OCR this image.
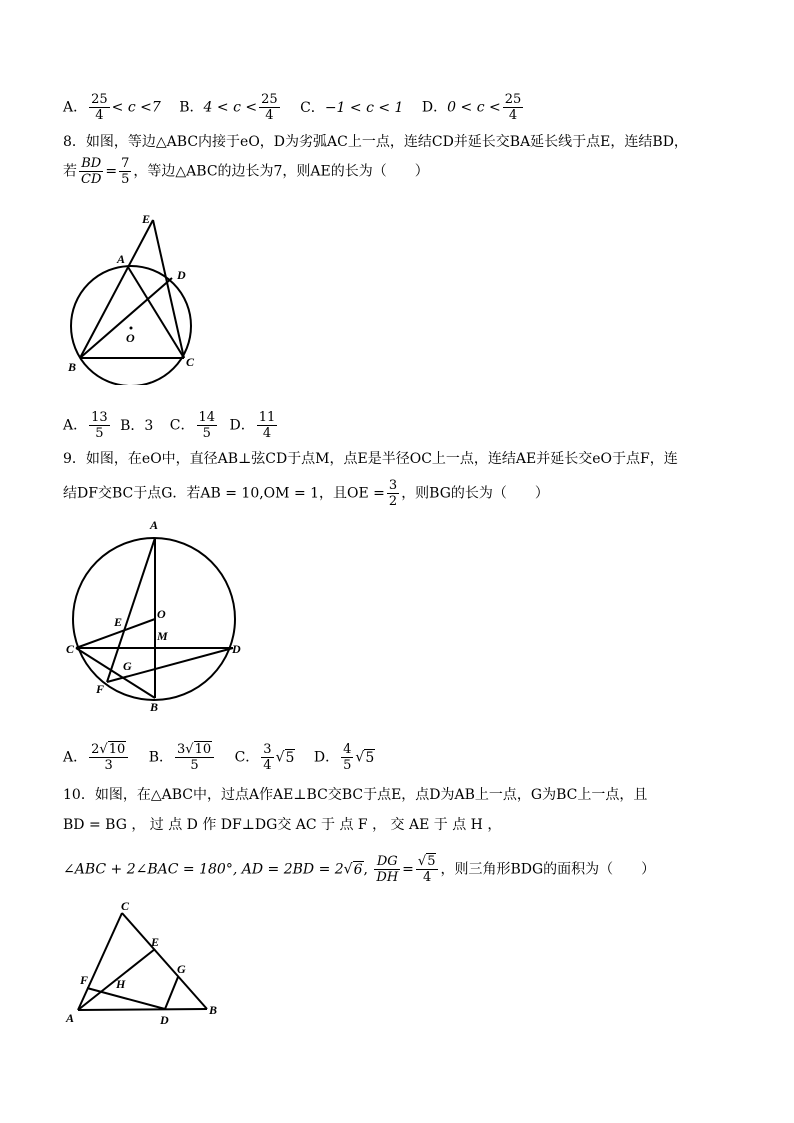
A． $\frac{25}{4} < c <7$ B．$4 < c < \frac{25}{4}$ C．−1 < c < 1 D．$0 < c < \frac{25}{4}$
8．如图，等边△ABC内接于eO，D为劣弧AC上一点，连结CD并延长交BA延长线于点E，连结BD，
若 $\frac{BD}{CD} = \frac{7}{5}$ ，等边△ABC的边长为7，则AE的长为（　　）
E
A
D
O
B	C
A． $\frac{13}{5}$ B．3 C． $\frac{14}{5}$ D． $\frac{11}{4}$
9．如图，在eO中，直径AB⊥弦CD于点M，点E是半径OC上一点，连结AE并延长交eO于点F，连
结DF交BC于点G．若AB = 10,OM = 1，且OE = $\frac{3}{2}$ ，则BG的长为（　　）
A
O
E
M
C	D
G
F
B
A． $\frac{2√10}{3}$ B． $\frac{3√10}{5}$ C． $\frac{3}{4} √5$ D． $\frac{4}{5} √5$
10．如图，在△ABC中，过点A作AE⊥BC交BC于点E，点D为AB上一点，G为BC上一点，且
BD = BG ， 过 点 D 作 DF⊥DG交 AC 于 点 F ， 交 AE 于 点 H ，
∠ABC + 2∠BAC = 180°, AD = 2BD = 2√6, $\frac{DG}{DH} = \frac{√5}{4}$ ，则三角形BDG的面积为（　　）
C
E
G
F H
A	D
B
